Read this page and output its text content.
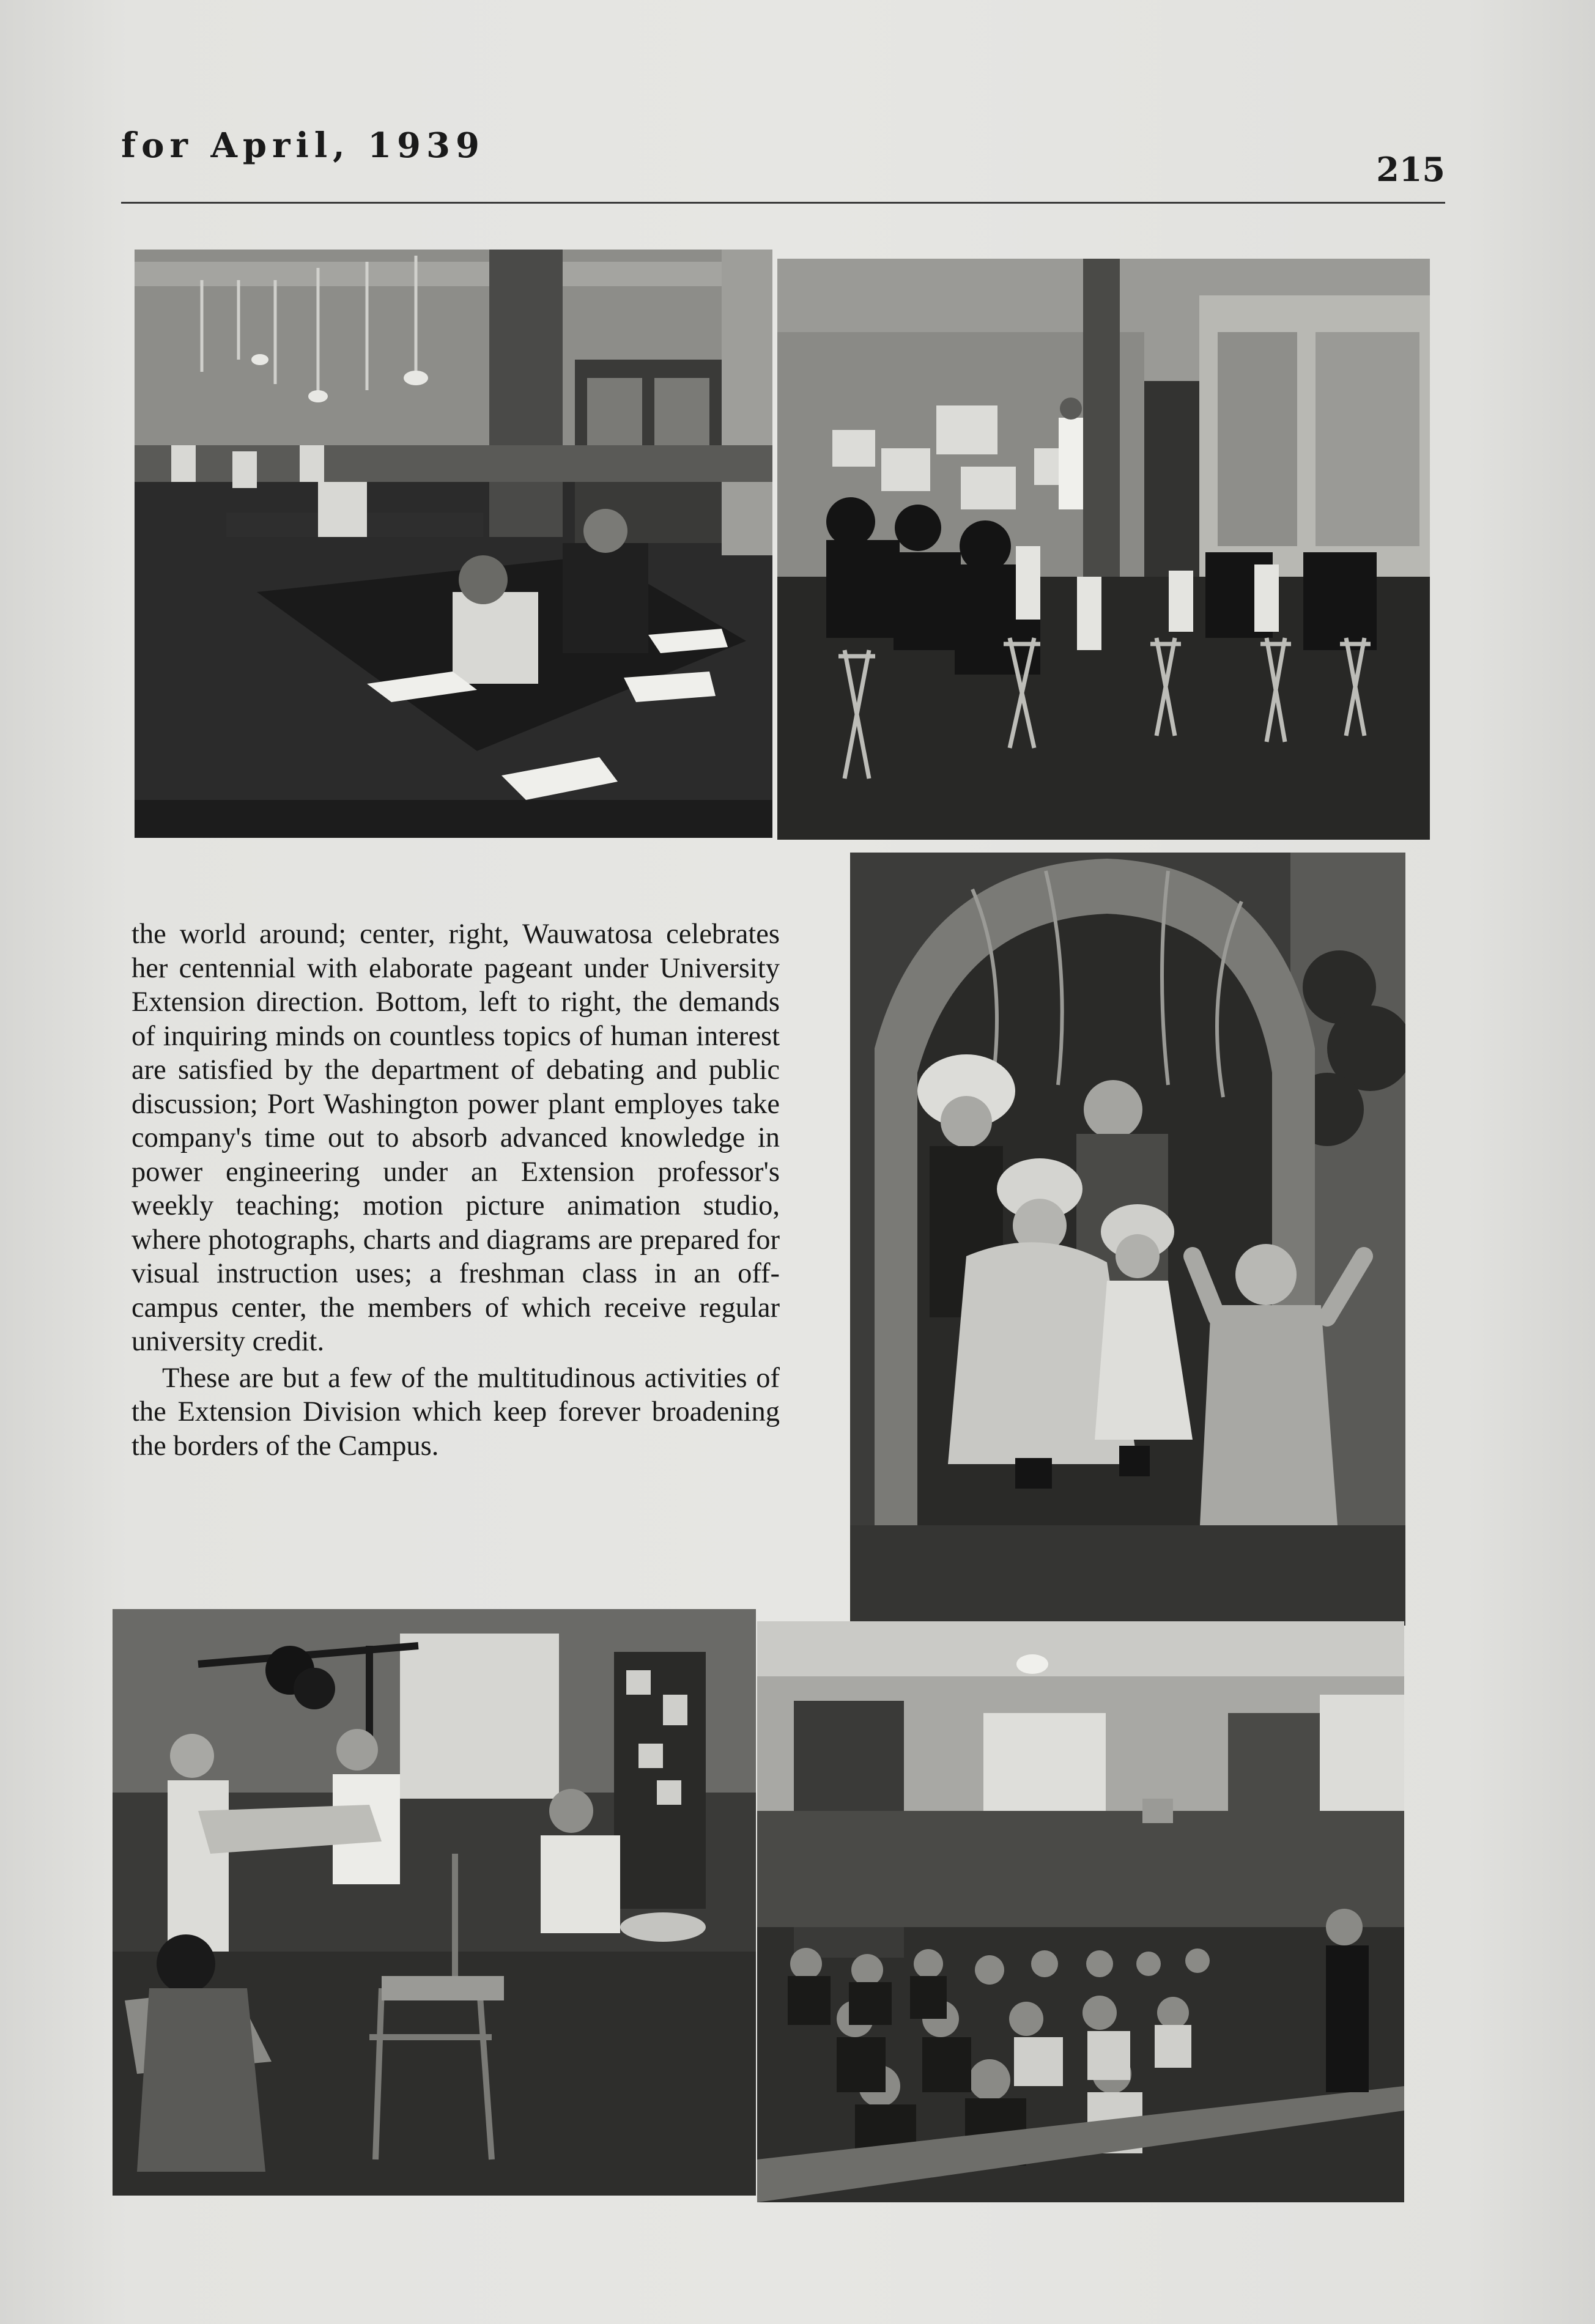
for April, 1939
215

the world around; center, right, Wauwatosa celebrates her centennial with elaborate pageant under University Extension direction. Bottom, left to right, the demands of inquiring minds on countless topics of human interest are satisfied by the department of debating and public discussion; Port Washington power plant employes take company's time out to absorb advanced knowledge in power engineering under an Extension professor's weekly teaching; motion picture animation studio, where photographs, charts and diagrams are prepared for visual instruction uses; a freshman class in an off-campus center, the members of which receive regular university credit.

These are but a few of the multitudinous activities of the Extension Division which keep forever broadening the borders of the Campus.
